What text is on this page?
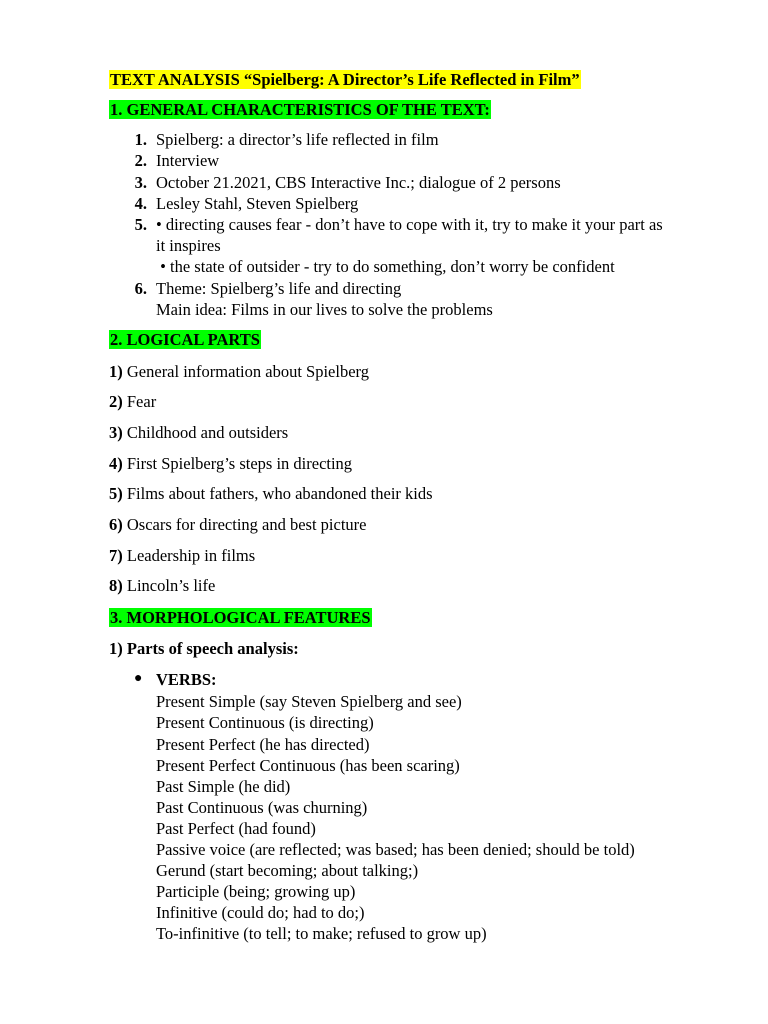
TEXT ANALYSIS “Spielberg: A Director’s Life Reflected in Film”
1. GENERAL CHARACTERISTICS OF THE TEXT:
1. Spielberg: a director’s life reflected in film
2. Interview
3. October 21.2021, CBS Interactive Inc.; dialogue of 2 persons
4. Lesley Stahl, Steven Spielberg
5. • directing causes fear - don’t have to cope with it, try to make it your part as
it inspires
• the state of outsider - try to do something, don’t worry be confident
6. Theme: Spielberg’s life and directing
Main idea: Films in our lives to solve the problems
2. LOGICAL PARTS
1) General information about Spielberg
2) Fear
3) Childhood and outsiders
4) First Spielberg’s steps in directing
5) Films about fathers, who abandoned their kids
6) Oscars for directing and best picture
7) Leadership in films
8) Lincoln’s life
3. MORPHOLOGICAL FEATURES
1) Parts of speech analysis:
● VERBS:
Present Simple (say Steven Spielberg and see)
Present Continuous (is directing)
Present Perfect (he has directed)
Present Perfect Continuous (has been scaring)
Past Simple (he did)
Past Continuous (was churning)
Past Perfect (had found)
Passive voice (are reflected; was based; has been denied; should be told)
Gerund (start becoming; about talking;)
Participle (being; growing up)
Infinitive (could do; had to do;)
To-infinitive (to tell; to make; refused to grow up)
